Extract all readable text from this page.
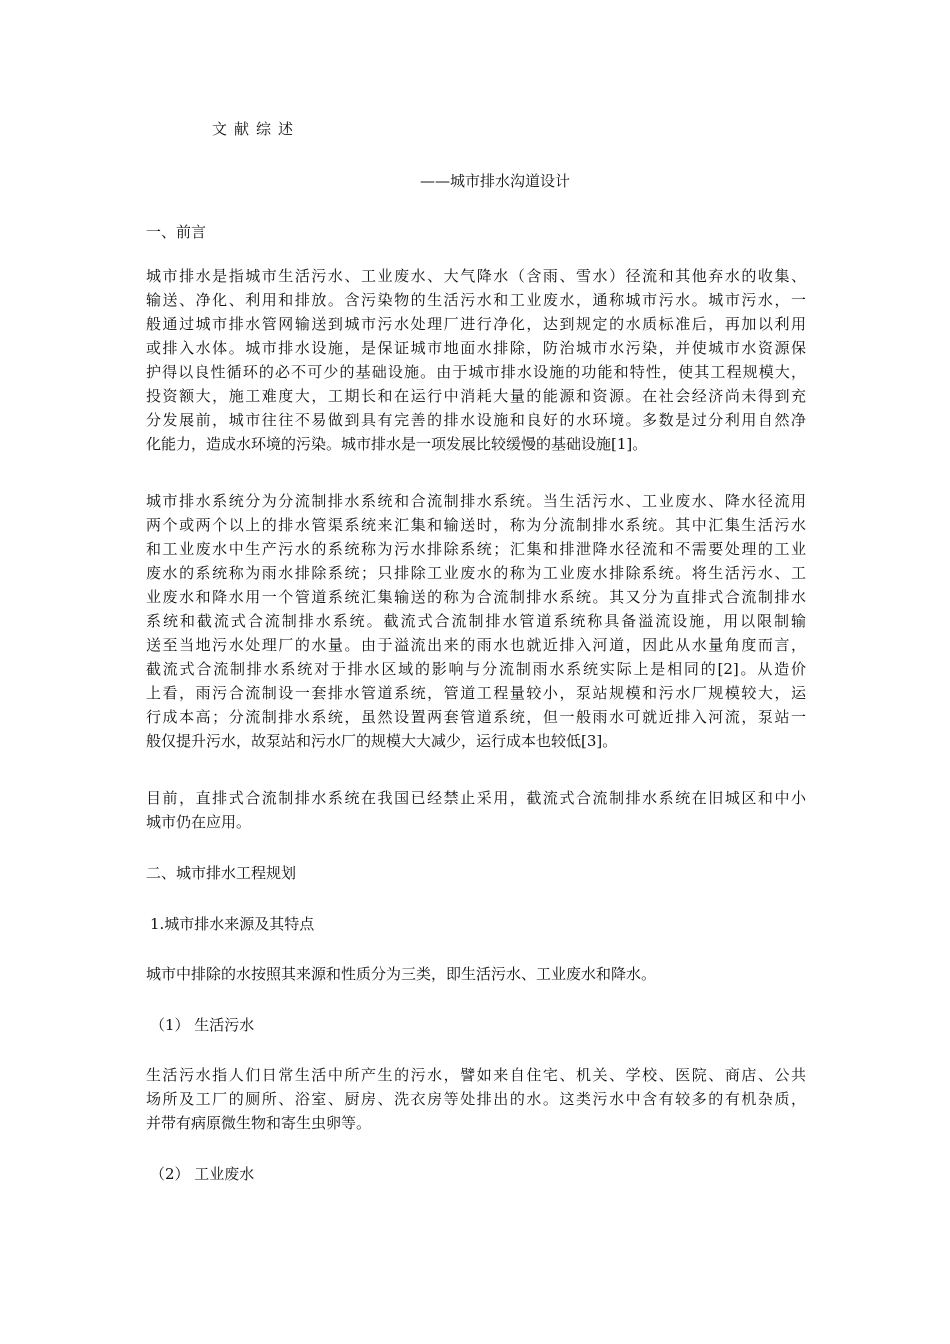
文献综述
——城市排水沟道设计
一、前言

城市排水是指城市生活污水、工业废水、大气降水（含雨、雪水）径流和其他弃水的收集、
输送、净化、利用和排放。含污染物的生活污水和工业废水，通称城市污水。城市污水，一
般通过城市排水管网输送到城市污水处理厂进行净化，达到规定的水质标准后，再加以利用
或排入水体。城市排水设施，是保证城市地面水排除，防治城市水污染，并使城市水资源保
护得以良性循环的必不可少的基础设施。由于城市排水设施的功能和特性，使其工程规模大，
投资额大，施工难度大，工期长和在运行中消耗大量的能源和资源。在社会经济尚未得到充
分发展前，城市往往不易做到具有完善的排水设施和良好的水环境。多数是过分利用自然净
化能力，造成水环境的污染。城市排水是一项发展比较缓慢的基础设施[1]。

城市排水系统分为分流制排水系统和合流制排水系统。当生活污水、工业废水、降水径流用
两个或两个以上的排水管渠系统来汇集和输送时，称为分流制排水系统。其中汇集生活污水
和工业废水中生产污水的系统称为污水排除系统；汇集和排泄降水径流和不需要处理的工业
废水的系统称为雨水排除系统；只排除工业废水的称为工业废水排除系统。将生活污水、工
业废水和降水用一个管道系统汇集输送的称为合流制排水系统。其又分为直排式合流制排水
系统和截流式合流制排水系统。截流式合流制排水管道系统称具备溢流设施，用以限制输
送至当地污水处理厂的水量。由于溢流出来的雨水也就近排入河道，因此从水量角度而言，
截流式合流制排水系统对于排水区域的影响与分流制雨水系统实际上是相同的[2]。从造价
上看，雨污合流制设一套排水管道系统，管道工程量较小，泵站规模和污水厂规模较大，运
行成本高；分流制排水系统，虽然设置两套管道系统，但一般雨水可就近排入河流，泵站一
般仅提升污水，故泵站和污水厂的规模大大减少，运行成本也较低[3]。

目前，直排式合流制排水系统在我国已经禁止采用，截流式合流制排水系统在旧城区和中小
城市仍在应用。

二、城市排水工程规划
1.城市排水来源及其特点
城市中排除的水按照其来源和性质分为三类，即生活污水、工业废水和降水。
（1） 生活污水

生活污水指人们日常生活中所产生的污水，譬如来自住宅、机关、学校、医院、商店、公共
场所及工厂的厕所、浴室、厨房、洗衣房等处排出的水。这类污水中含有较多的有机杂质，
并带有病原微生物和寄生虫卵等。

（2） 工业废水
